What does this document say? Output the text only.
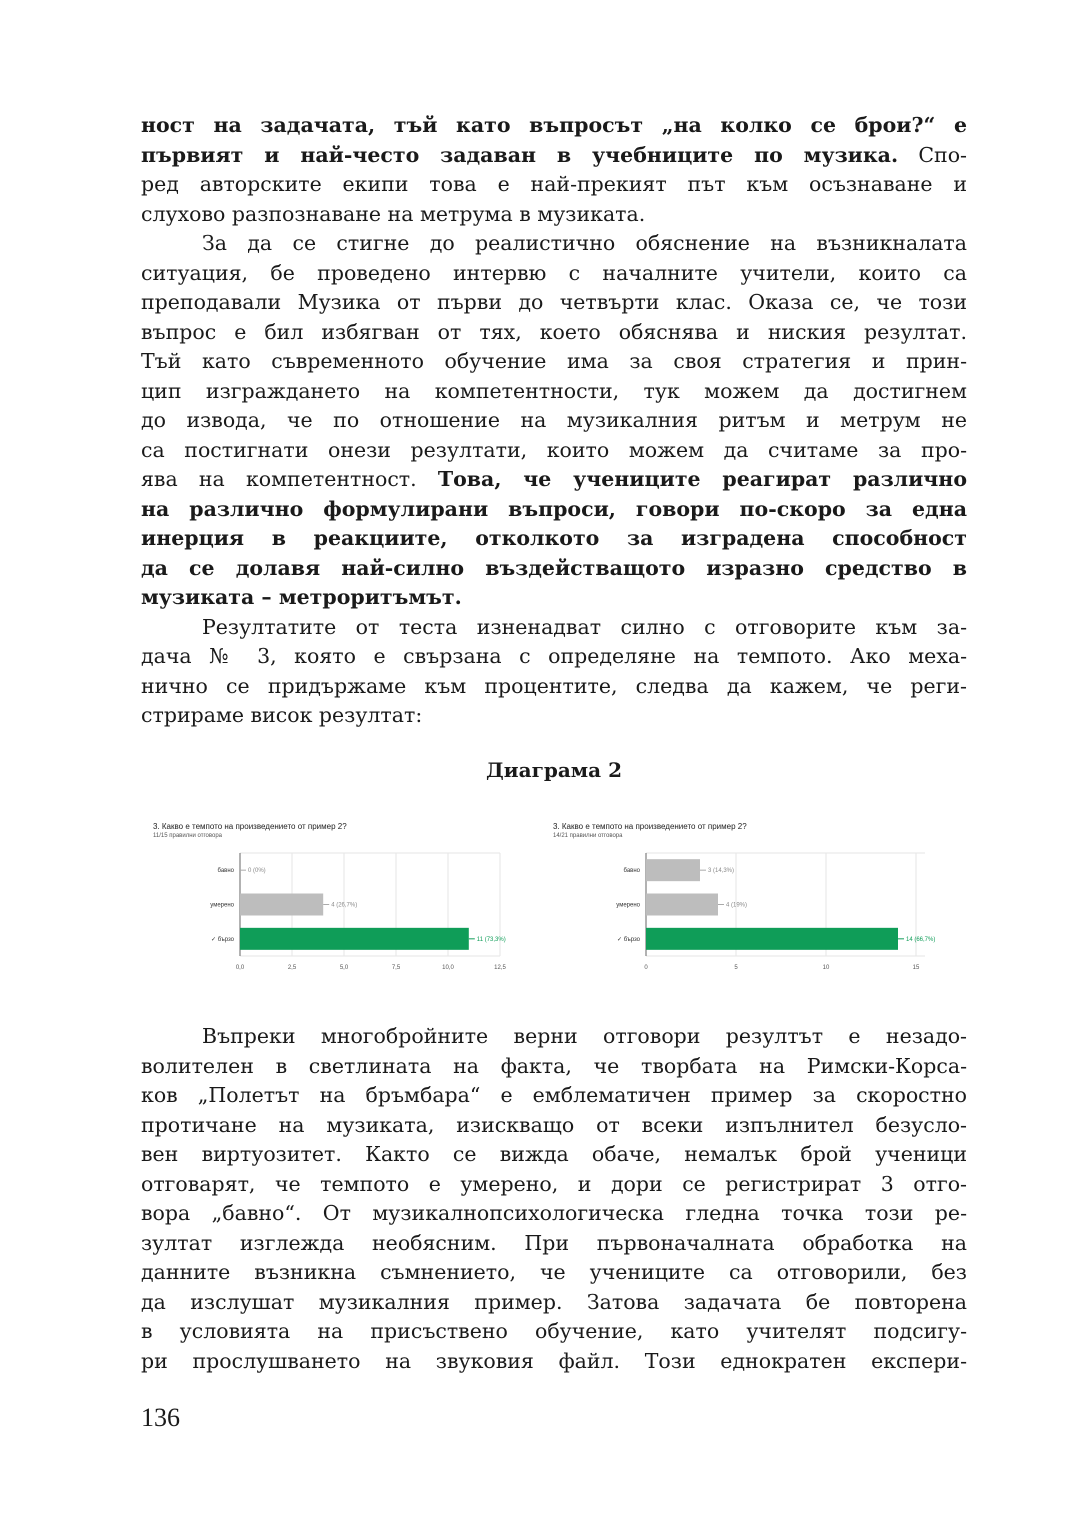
ност на задачата, тъй като въпросът „на колко се брои?“ е
първият и най-често задаван в учебниците по музика. Спо-
ред авторските екипи това е най-прекият път към осъзнаване и
слухово разпознаване на метрума в музиката.
За да се стигне до реалистично обяснение на възникналата
ситуация, бе проведено интервю с началните учители, които са
преподавали Музика от първи до четвърти клас. Оказа се, че този
въпрос е бил избягван от тях, което обяснява и ниския резултат.
Тъй като съвременното обучение има за своя стратегия и прин-
цип изграждането на компетентности, тук можем да достигнем
до извода, че по отношение на музикалния ритъм и метрум не
са постигнати онези резултати, които можем да считаме за про-
ява на компетентност. Това, че учениците реагират различно
на различно формулирани въпроси, говори по-скоро за една
инерция в реакциите, отколкото за изградена способност
да се долавя най-силно въздействащото изразно средство в
музиката – метроритъмът.
Резултатите от теста изненадват силно с отговорите към за-
дача № 3, която е свързана с определяне на темпото. Ако меха-
нично се придържаме към процентите, следва да кажем, че реги-
стрираме висок резултат:
Диаграма 2
3. Какво е темпото на произведението от пример 2?
11/15 правилни отговора
0,0	2,5	5,0	7,5	10,0	12,5
бавно 0 (0%)
умерено	4 (26,7%)
✓ бързо	11 (73,3%)
3. Какво е темпото на произведението от пример 2?
14/21 правилни отговора
0	5	10	15
бавно	3 (14,3%)
умерено	4 (19%)
✓ бързо	14 (66,7%)
Въпреки многобройните верни отговори резултът е незадо-
волителен в светлината на факта, че творбата на Римски-Корса-
ков „Полетът на бръмбара“ е емблематичен пример за скоростно
протичане на музиката, изискващо от всеки изпълнител безусло-
вен виртуозитет. Както се вижда обаче, немалък брой ученици
отговарят, че темпото е умерено, и дори се регистрират 3 отго-
вора „бавно“. От музикалнопсихологическа гледна точка този ре-
зултат изглежда необясним. При първоначалната обработка на
данните възникна съмнението, че учениците са отговорили, без
да изслушат музикалния пример. Затова задачата бе повторена
в условията на присъствено обучение, като учителят подсигу-
ри прослушването на звуковия файл. Този еднократен експери-
136
